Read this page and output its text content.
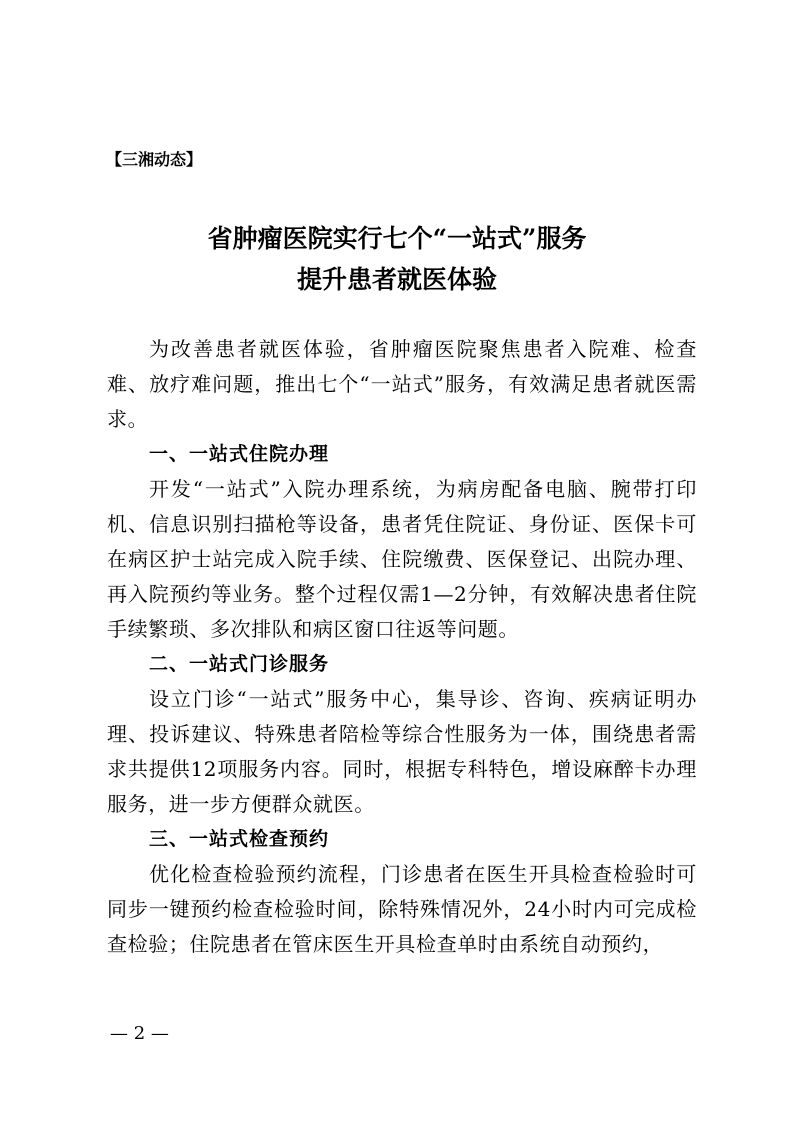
【三湘动态】
省肿瘤医院实行七个“一站式”服务
提升患者就医体验

为改善患者就医体验，省肿瘤医院聚焦患者入院难、检查难、放疗难问题，推出七个“一站式”服务，有效满足患者就医需求。

一、一站式住院办理

开发“一站式”入院办理系统，为病房配备电脑、腕带打印机、信息识别扫描枪等设备，患者凭住院证、身份证、医保卡可在病区护士站完成入院手续、住院缴费、医保登记、出院办理、再入院预约等业务。整个过程仅需1—2分钟，有效解决患者住院手续繁琐、多次排队和病区窗口往返等问题。

二、一站式门诊服务

设立门诊“一站式”服务中心，集导诊、咨询、疾病证明办理、投诉建议、特殊患者陪检等综合性服务为一体，围绕患者需求共提供12项服务内容。同时，根据专科特色，增设麻醉卡办理服务，进一步方便群众就医。

三、一站式检查预约

优化检查检验预约流程，门诊患者在医生开具检查检验时可同步一键预约检查检验时间，除特殊情况外，24小时内可完成检查检验；住院患者在管床医生开具检查单时由系统自动预约，

— 2 —
